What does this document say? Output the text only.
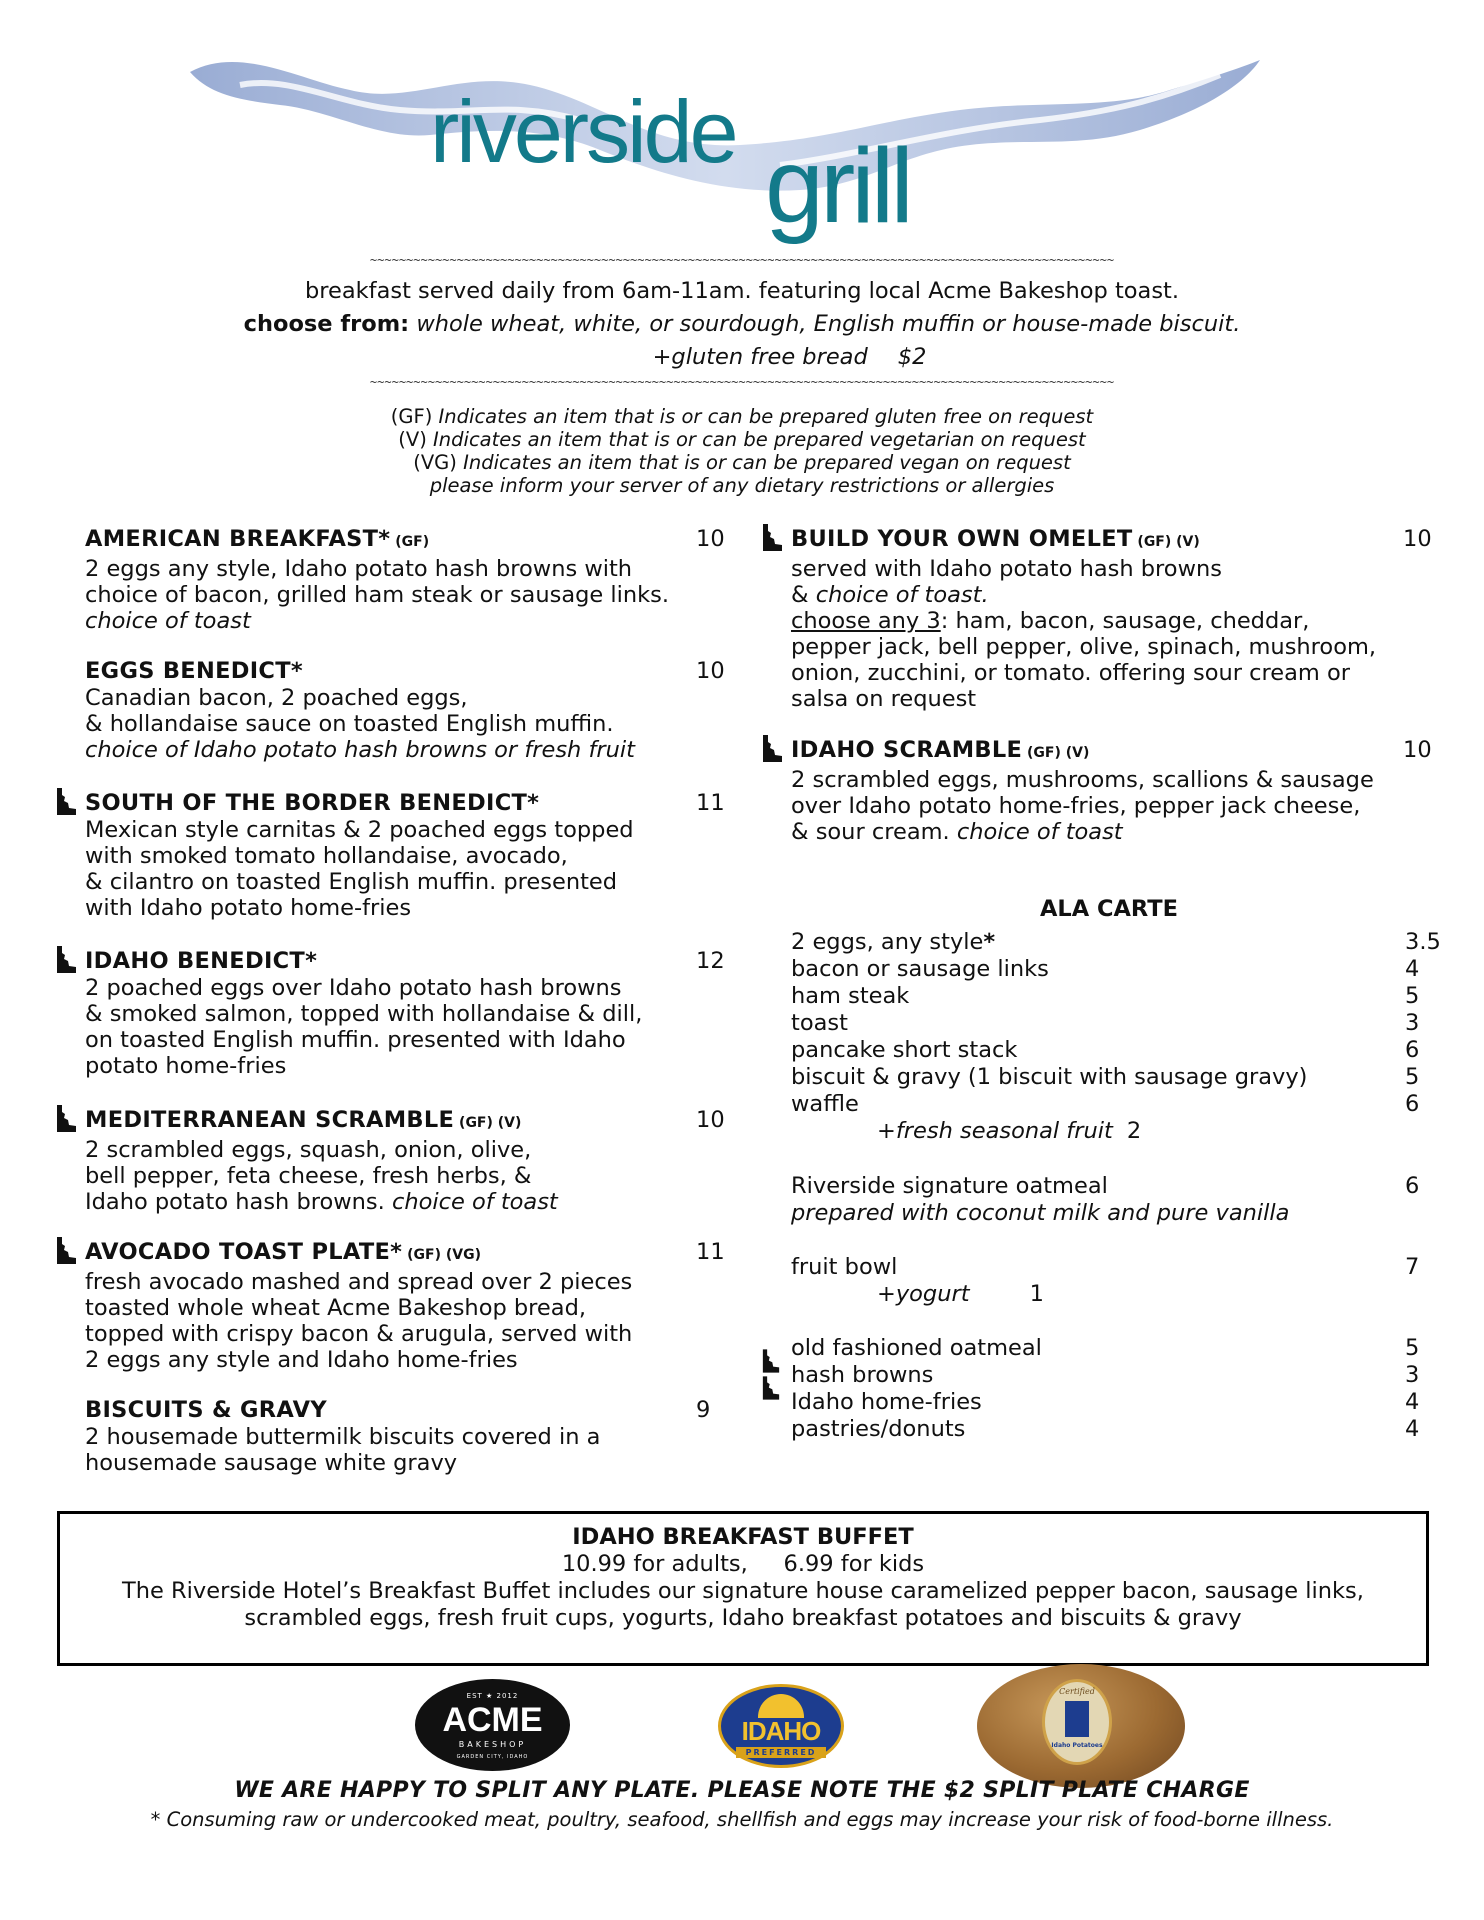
riverside grill
~~~~~~~~~~~~~~~~~~~~~~~~~~~~~~~~~~~~~~~~~~~~~~~~~~~~~~~~~~~~~~~~~~~~~~~~~~~~~~~~~~~~~~~~~~~~~~~~~~~~~~~
breakfast served daily from 6am-11am. featuring local Acme Bakeshop toast.
choose from: whole wheat, white, or sourdough, English muffin or house-made biscuit.
+gluten free bread $2
~~~~~~~~~~~~~~~~~~~~~~~~~~~~~~~~~~~~~~~~~~~~~~~~~~~~~~~~~~~~~~~~~~~~~~~~~~~~~~~~~~~~~~~~~~~~~~~~~~~~~~~
(GF) Indicates an item that is or can be prepared gluten free on request
(V) Indicates an item that is or can be prepared vegetarian on request
(VG) Indicates an item that is or can be prepared vegan on request
please inform your server of any dietary restrictions or allergies
AMERICAN BREAKFAST* (GF)	10
2 eggs any style, Idaho potato hash browns with
choice of bacon, grilled ham steak or sausage links.
choice of toast
EGGS BENEDICT*	10
Canadian bacon, 2 poached eggs,
& hollandaise sauce on toasted English muffin.
choice of Idaho potato hash browns or fresh fruit
SOUTH OF THE BORDER BENEDICT*	11
Mexican style carnitas & 2 poached eggs topped
with smoked tomato hollandaise, avocado,
& cilantro on toasted English muffin. presented
with Idaho potato home-fries
IDAHO BENEDICT*	12
2 poached eggs over Idaho potato hash browns
& smoked salmon, topped with hollandaise & dill,
on toasted English muffin. presented with Idaho
potato home-fries
MEDITERRANEAN SCRAMBLE (GF) (V)	10
2 scrambled eggs, squash, onion, olive,
bell pepper, feta cheese, fresh herbs, &
Idaho potato hash browns. choice of toast
AVOCADO TOAST PLATE* (GF) (VG)	11
fresh avocado mashed and spread over 2 pieces
toasted whole wheat Acme Bakeshop bread,
topped with crispy bacon & arugula, served with
2 eggs any style and Idaho home-fries
BISCUITS & GRAVY	9
2 housemade buttermilk biscuits covered in a
housemade sausage white gravy
BUILD YOUR OWN OMELET (GF) (V)	10
served with Idaho potato hash browns
& choice of toast.
choose any 3: ham, bacon, sausage, cheddar,
pepper jack, bell pepper, olive, spinach, mushroom,
onion, zucchini, or tomato. offering sour cream or
salsa on request
IDAHO SCRAMBLE (GF) (V)	10
2 scrambled eggs, mushrooms, scallions & sausage
over Idaho potato home-fries, pepper jack cheese,
& sour cream. choice of toast
ALA CARTE
2 eggs, any style*	3.5
bacon or sausage links	4
ham steak	5
toast	3
pancake short stack	6
biscuit & gravy (1 biscuit with sausage gravy)	5
waffle	6
+fresh seasonal fruit 2
Riverside signature oatmeal	6
prepared with coconut milk and pure vanilla
fruit bowl	7
+yogurt	1
old fashioned oatmeal	5
hash browns	3
Idaho home-fries	4
pastries/donuts	4
IDAHO BREAKFAST BUFFET
10.99 for adults,     6.99 for kids
The Riverside Hotel’s Breakfast Buffet includes our signature house caramelized pepper bacon, sausage links,
scrambled eggs, fresh fruit cups, yogurts, Idaho breakfast potatoes and biscuits & gravy
EST ★ 2012
ACME
BAKESHOP
GARDEN CITY, IDAHO
IDAHO
PREFERRED
Certified
Idaho Potatoes
WE ARE HAPPY TO SPLIT ANY PLATE. PLEASE NOTE THE $2 SPLIT PLATE CHARGE
* Consuming raw or undercooked meat, poultry, seafood, shellfish and eggs may increase your risk of food-borne illness.
